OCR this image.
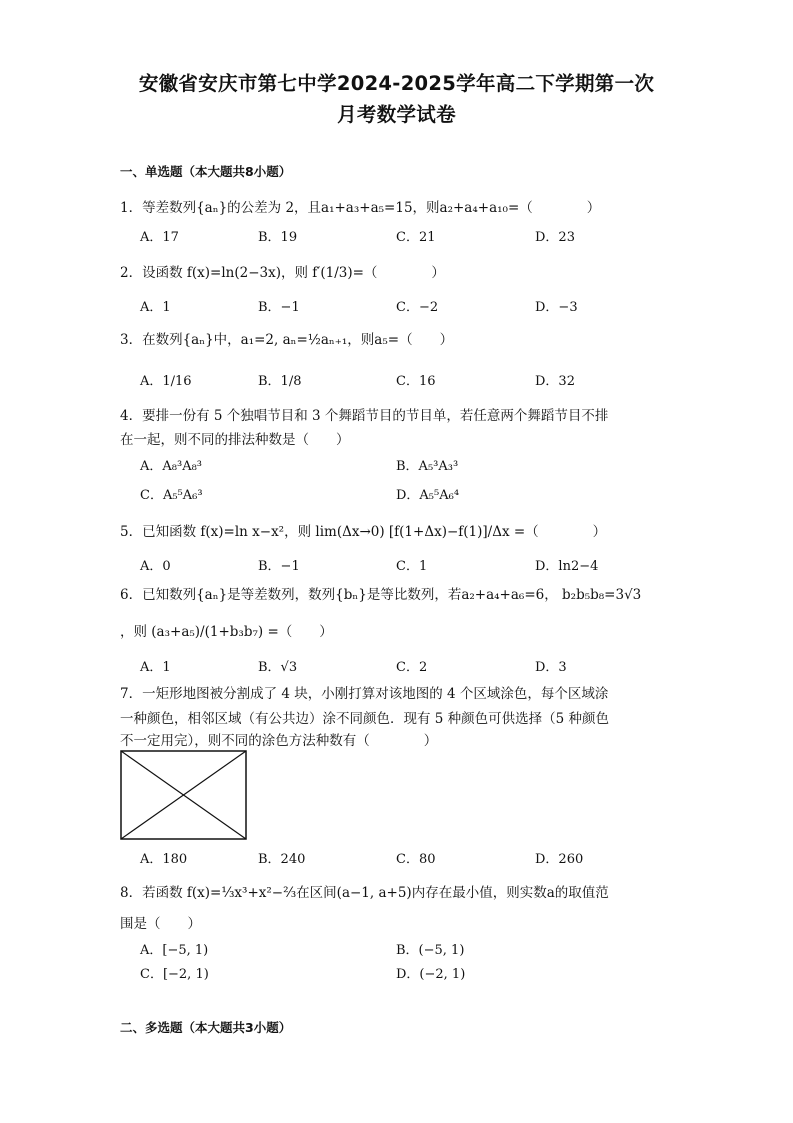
安徽省安庆市第七中学2024-2025学年高二下学期第一次
月考数学试卷
一、单选题（本大题共8小题）
1．等差数列{aₙ}的公差为 2，且a₁+a₃+a₅=15，则a₂+a₄+a₁₀=（　　　　）
A．17	B．19	C．21	D．23
2．设函数 f(x)=ln(2−3x)，则 f′(1/3)=（　　　　）
A．1	B．−1	C．−2	D．−3
3．在数列{aₙ}中，a₁=2, aₙ=½aₙ₊₁，则a₅=（　　）
A．1/16	B．1/8	C．16	D．32
4．要排一份有 5 个独唱节目和 3 个舞蹈节目的节目单，若任意两个舞蹈节目不排
在一起，则不同的排法种数是（　　）
A．A₈³A₈³	B．A₅³A₃³
C．A₅⁵A₆³	D．A₅⁵A₆⁴
5．已知函数 f(x)=ln x−x²，则 lim(Δx→0) [f(1+Δx)−f(1)]/Δx =（　　　　）
A．0	B．−1	C．1	D．ln2−4
6．已知数列{aₙ}是等差数列，数列{bₙ}是等比数列，若a₂+a₄+a₆=6， b₂b₅b₈=3√3
，则 (a₃+a₅)/(1+b₃b₇) =（　　）
A．1	B．√3	C．2	D．3
7．一矩形地图被分割成了 4 块，小刚打算对该地图的 4 个区域涂色，每个区域涂
一种颜色，相邻区域（有公共边）涂不同颜色．现有 5 种颜色可供选择（5 种颜色
不一定用完），则不同的涂色方法种数有（　　　　）
A．180	B．240	C．80	D．260
8．若函数 f(x)=⅓x³+x²−⅔在区间(a−1, a+5)内存在最小值，则实数a的取值范
围是（　　）
A．[−5, 1)	B．(−5, 1)
C．[−2, 1)	D．(−2, 1)
二、多选题（本大题共3小题）
